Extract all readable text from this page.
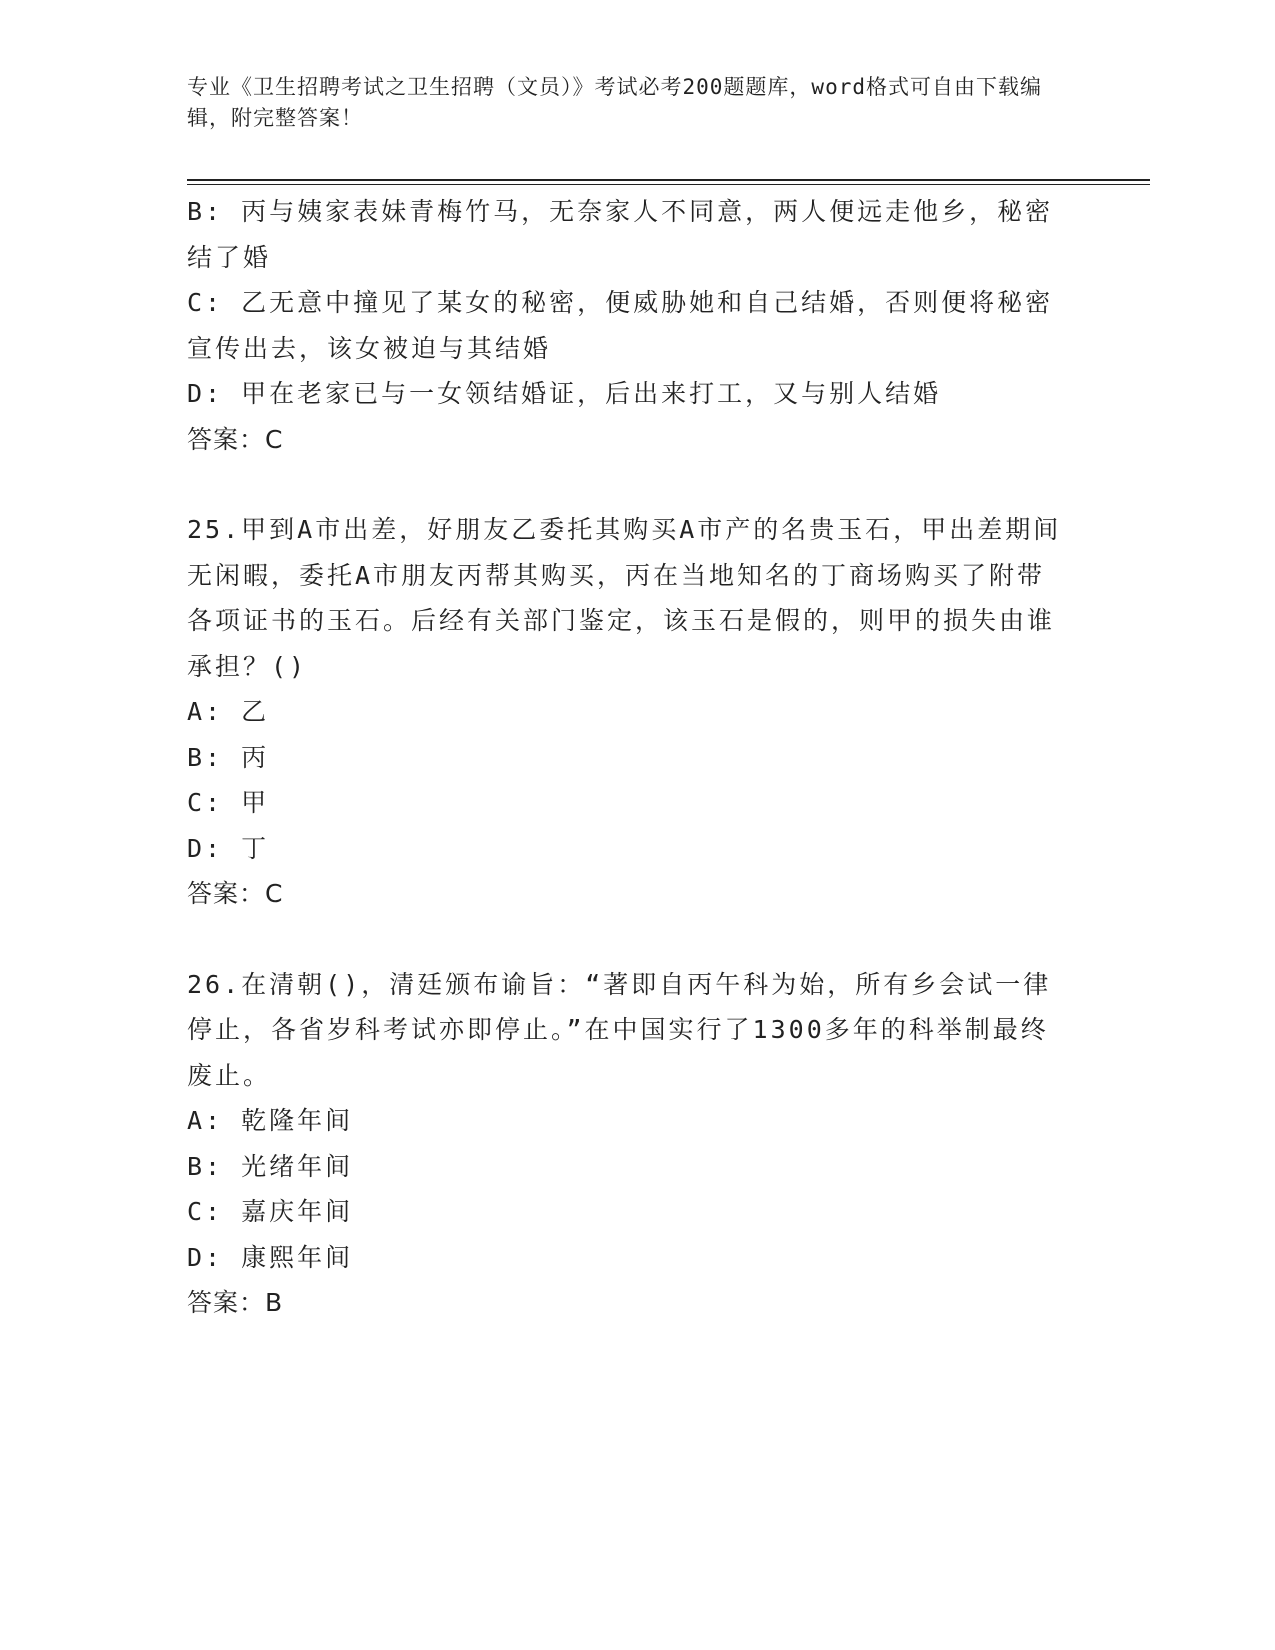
专业《卫生招聘考试之卫生招聘（文员）》考试必考200题题库，word格式可自由下载编辑，附完整答案！

B: 丙与姨家表妹青梅竹马，无奈家人不同意，两人便远走他乡，秘密结了婚

C: 乙无意中撞见了某女的秘密，便威胁她和自己结婚，否则便将秘密宣传出去，该女被迫与其结婚

D: 甲在老家已与一女领结婚证，后出来打工，又与别人结婚

答案：C

25.甲到A市出差，好朋友乙委托其购买A市产的名贵玉石，甲出差期间无闲暇，委托A市朋友丙帮其购买，丙在当地知名的丁商场购买了附带各项证书的玉石。后经有关部门鉴定，该玉石是假的，则甲的损失由谁承担？()

A: 乙

B: 丙

C: 甲

D: 丁

答案：C

26.在清朝()，清廷颁布谕旨：“著即自丙午科为始，所有乡会试一律停止，各省岁科考试亦即停止。”在中国实行了1300多年的科举制最终废止。

A: 乾隆年间

B: 光绪年间

C: 嘉庆年间

D: 康熙年间

答案：B
